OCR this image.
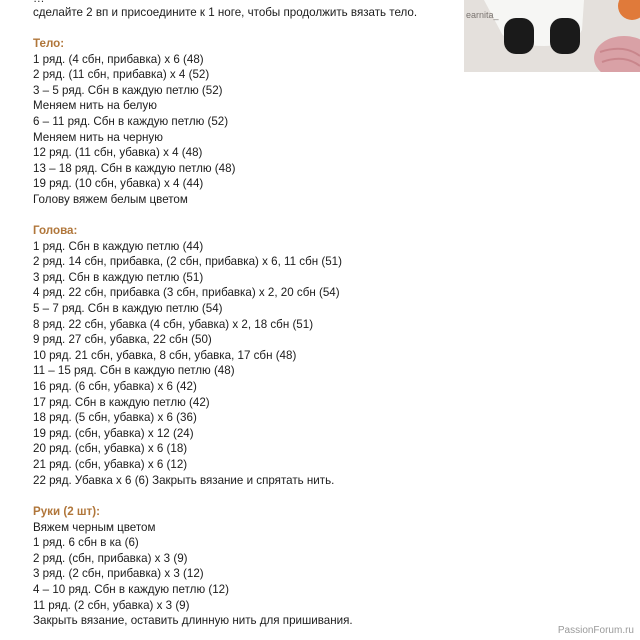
сделайте 2 вп и присоедините к 1 ноге, чтобы продолжить вязать тело.	earnita_
Тело:
1 ряд. (4 сбн, прибавка) х 6 (48)
2 ряд. (11 сбн, прибавка) х 4 (52)
3 – 5 ряд. Сбн в каждую петлю (52)
Меняем нить на белую
6 – 11 ряд. Сбн в каждую петлю (52)
Меняем нить на черную
12 ряд. (11 сбн, убавка) х 4 (48)
13 – 18 ряд. Сбн в каждую петлю (48)
19 ряд. (10 сбн, убавка) х 4 (44)
Голову вяжем белым цветом
Голова:
1 ряд. Сбн в каждую петлю (44)
2 ряд. 14 сбн, прибавка, (2 сбн, прибавка) х 6, 11 сбн (51)
3 ряд. Сбн в каждую петлю (51)
4 ряд. 22 сбн, прибавка (3 сбн, прибавка) х 2, 20 сбн (54)
5 – 7 ряд. Сбн в каждую петлю (54)
8 ряд. 22 сбн, убавка (4 сбн, убавка) х 2, 18 сбн (51)
9 ряд. 27 сбн, убавка, 22 сбн (50)
10 ряд. 21 сбн, убавка, 8 сбн, убавка, 17 сбн (48)
11 – 15 ряд. Сбн в каждую петлю (48)
16 ряд. (6 сбн, убавка) х 6 (42)
17 ряд. Сбн в каждую петлю (42)
18 ряд. (5 сбн, убавка) х 6 (36)
19 ряд. (сбн, убавка) х 12 (24)
20 ряд. (сбн, убавка) х 6 (18)
21 ряд. (сбн, убавка) х 6 (12)
22 ряд. Убавка х 6 (6) Закрыть вязание и спрятать нить.
Руки (2 шт):
Вяжем черным цветом
1 ряд. 6 сбн в ка (6)
2 ряд. (сбн, прибавка) х 3 (9)
3 ряд. (2 сбн, прибавка) х 3 (12)
4 – 10 ряд. Сбн в каждую петлю (12)
11 ряд. (2 сбн, убавка) х 3 (9)
Закрыть вязание, оставить длинную нить для пришивания.
PassionForum.ru
